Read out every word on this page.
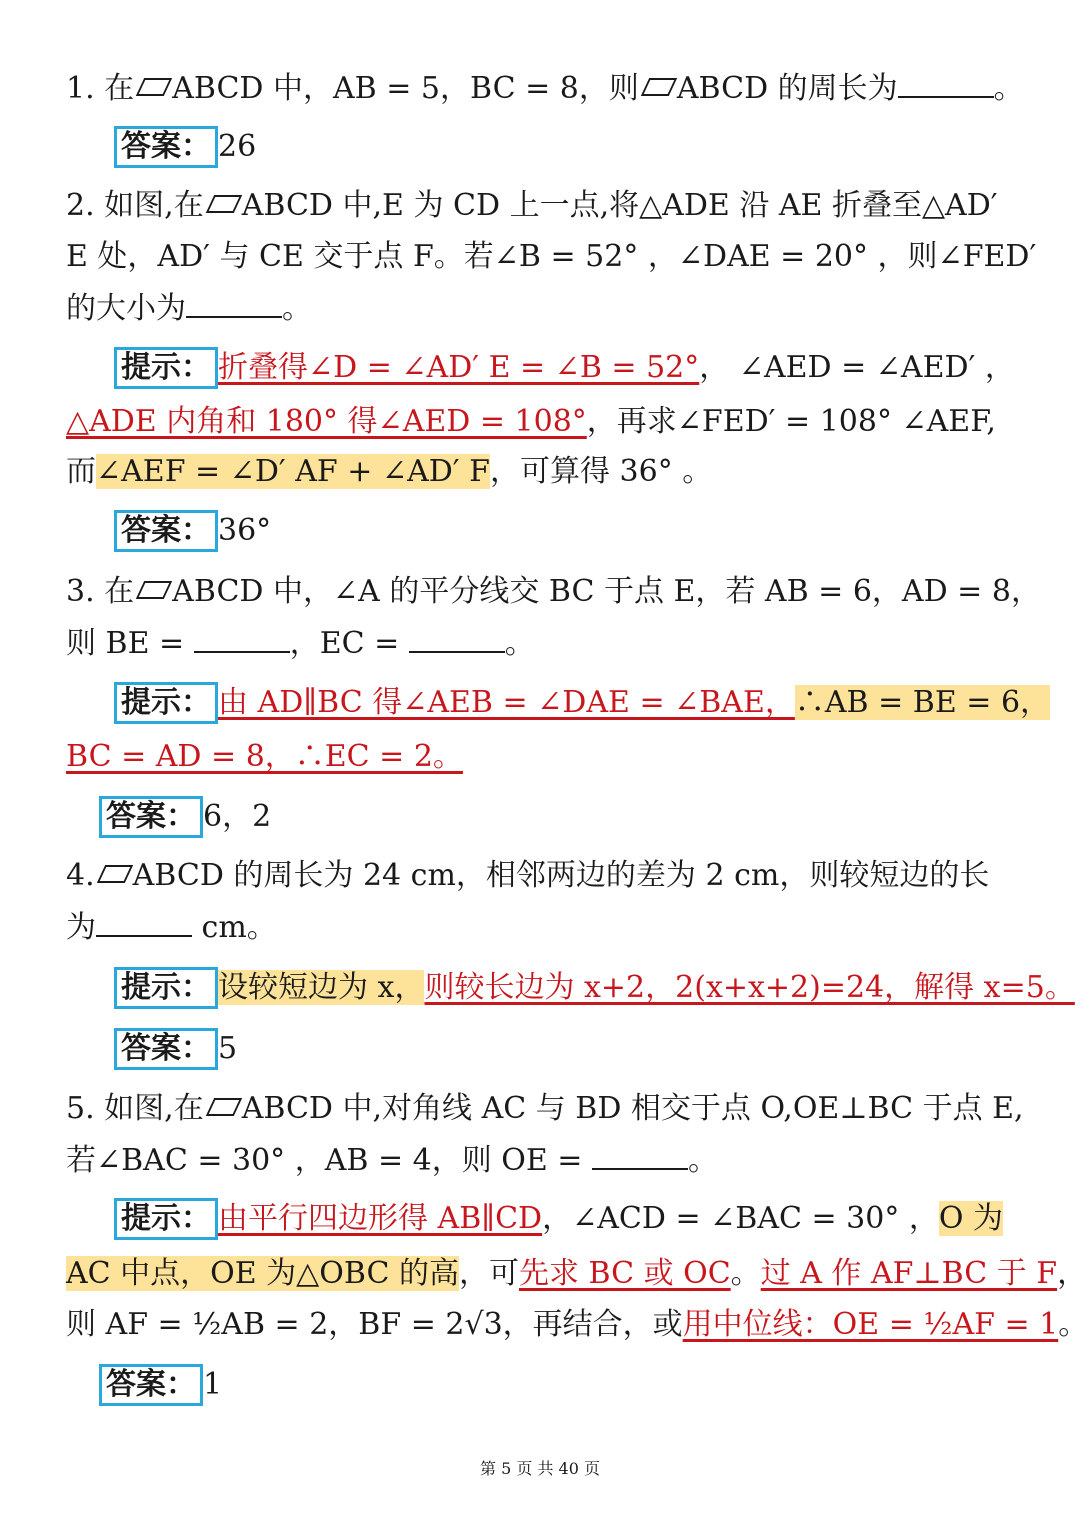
1. 在 ABCD 中，AB = 5，BC = 8，则 ABCD 的周长为	。
答案： 26
2. 如图,在 ABCD 中,E 为 CD 上一点,将△ADE 沿 AE 折叠至△AD′
E 处，AD′ 与 CE 交于点 F。若∠B = 52° ，∠DAE = 20° ，则∠FED′
的大小为	。
提示： 折叠得∠D = ∠AD′ E = ∠B = 52°， ∠AED = ∠AED′ ，
△ADE 内角和 180° 得∠AED = 108°，再求∠FED′ = 108° ∠AEF,
而∠AEF = ∠D′ AF + ∠AD′ F，可算得 36° 。
答案： 36°
3. 在 ABCD 中，∠A 的平分线交 BC 于点 E，若 AB = 6，AD = 8，
则 BE =	，EC =	。
提示： 由 AD∥BC 得∠AEB = ∠DAE = ∠BAE，∴AB = BE = 6，
BC = AD = 8，∴EC = 2。
答案： 6，2
4. ABCD 的周长为 24 cm，相邻两边的差为 2 cm，则较短边的长
为	cm。
提示： 设较短边为 x，则较长边为 x+2，2(x+x+2)=24，解得 x=5。
答案： 5
5. 如图,在 ABCD 中,对角线 AC 与 BD 相交于点 O,OE⊥BC 于点 E,
若∠BAC = 30° ，AB = 4，则 OE =	。
提示： 由平行四边形得 AB∥CD，∠ACD = ∠BAC = 30° ，O 为
AC 中点，OE 为△OBC 的高，可先求 BC 或 OC。过 A 作 AF⊥BC 于 F，
则 AF = ½AB = 2，BF = 2√3，再结合，或用中位线：OE = ½AF = 1。
答案： 1
第 5 页 共 40 页
